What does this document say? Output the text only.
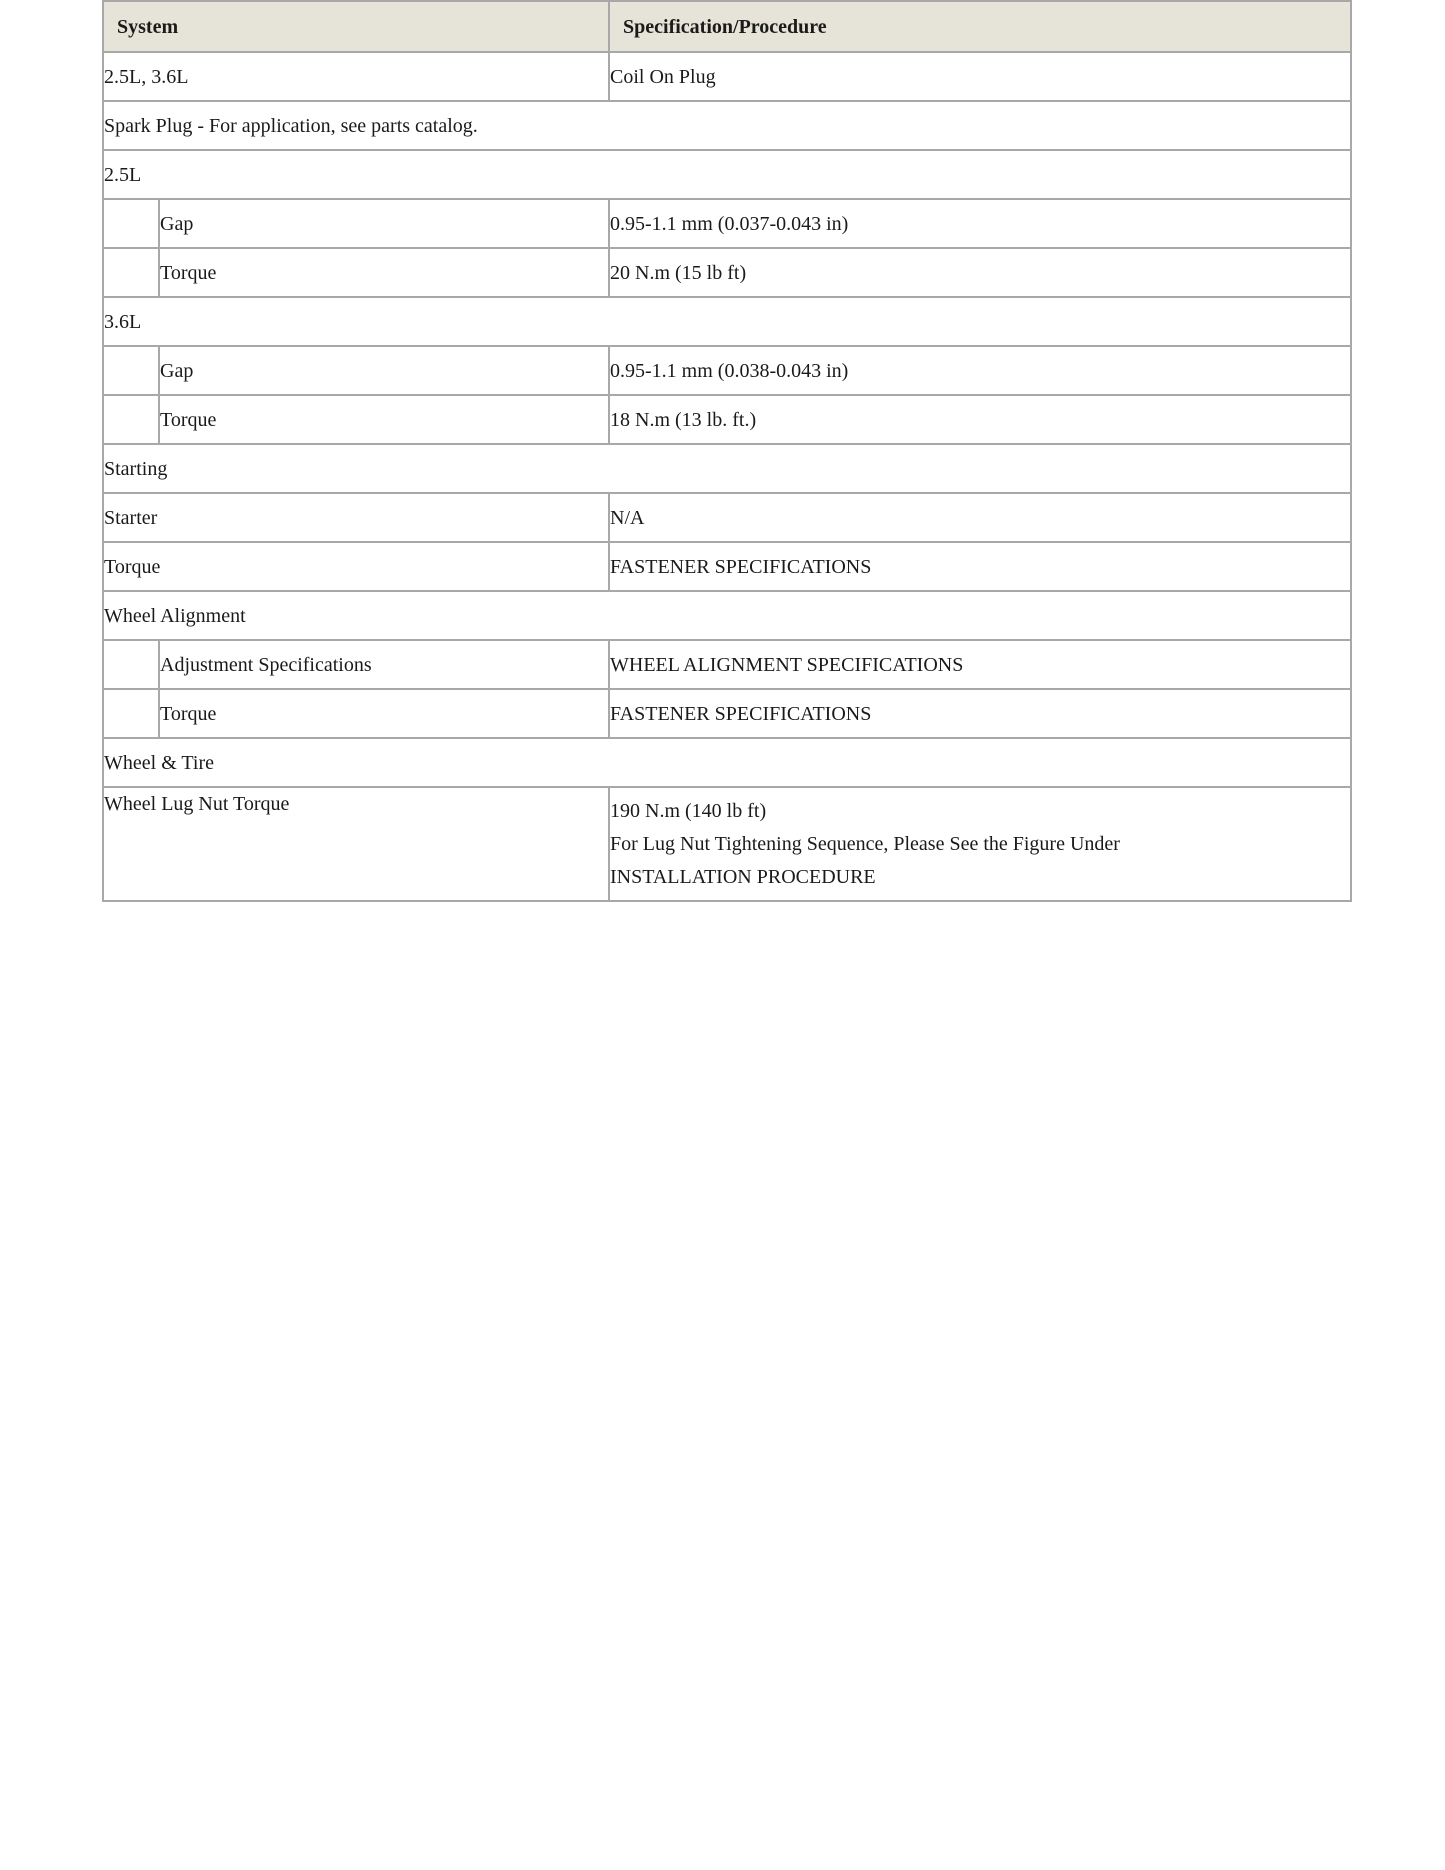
System		Specification/Procedure
2.5L, 3.6L		Coil On Plug
Spark Plug - For application, see parts catalog.		
2.5L		
	Gap	0.95-1.1 mm (0.037-0.043 in)
	Torque	20 N.m (15 lb ft)
3.6L		
	Gap	0.95-1.1 mm (0.038-0.043 in)
	Torque	18 N.m (13 lb. ft.)
Starting		
Starter		N/A
Torque		FASTENER SPECIFICATIONS
Wheel Alignment		
	Adjustment Specifications	WHEEL ALIGNMENT SPECIFICATIONS
	Torque	FASTENER SPECIFICATIONS
Wheel & Tire		

Wheel Lug Nut Torque		190 N.m (140 lb ft)
For Lug Nut Tightening Sequence, Please See the Figure Under
INSTALLATION PROCEDURE
